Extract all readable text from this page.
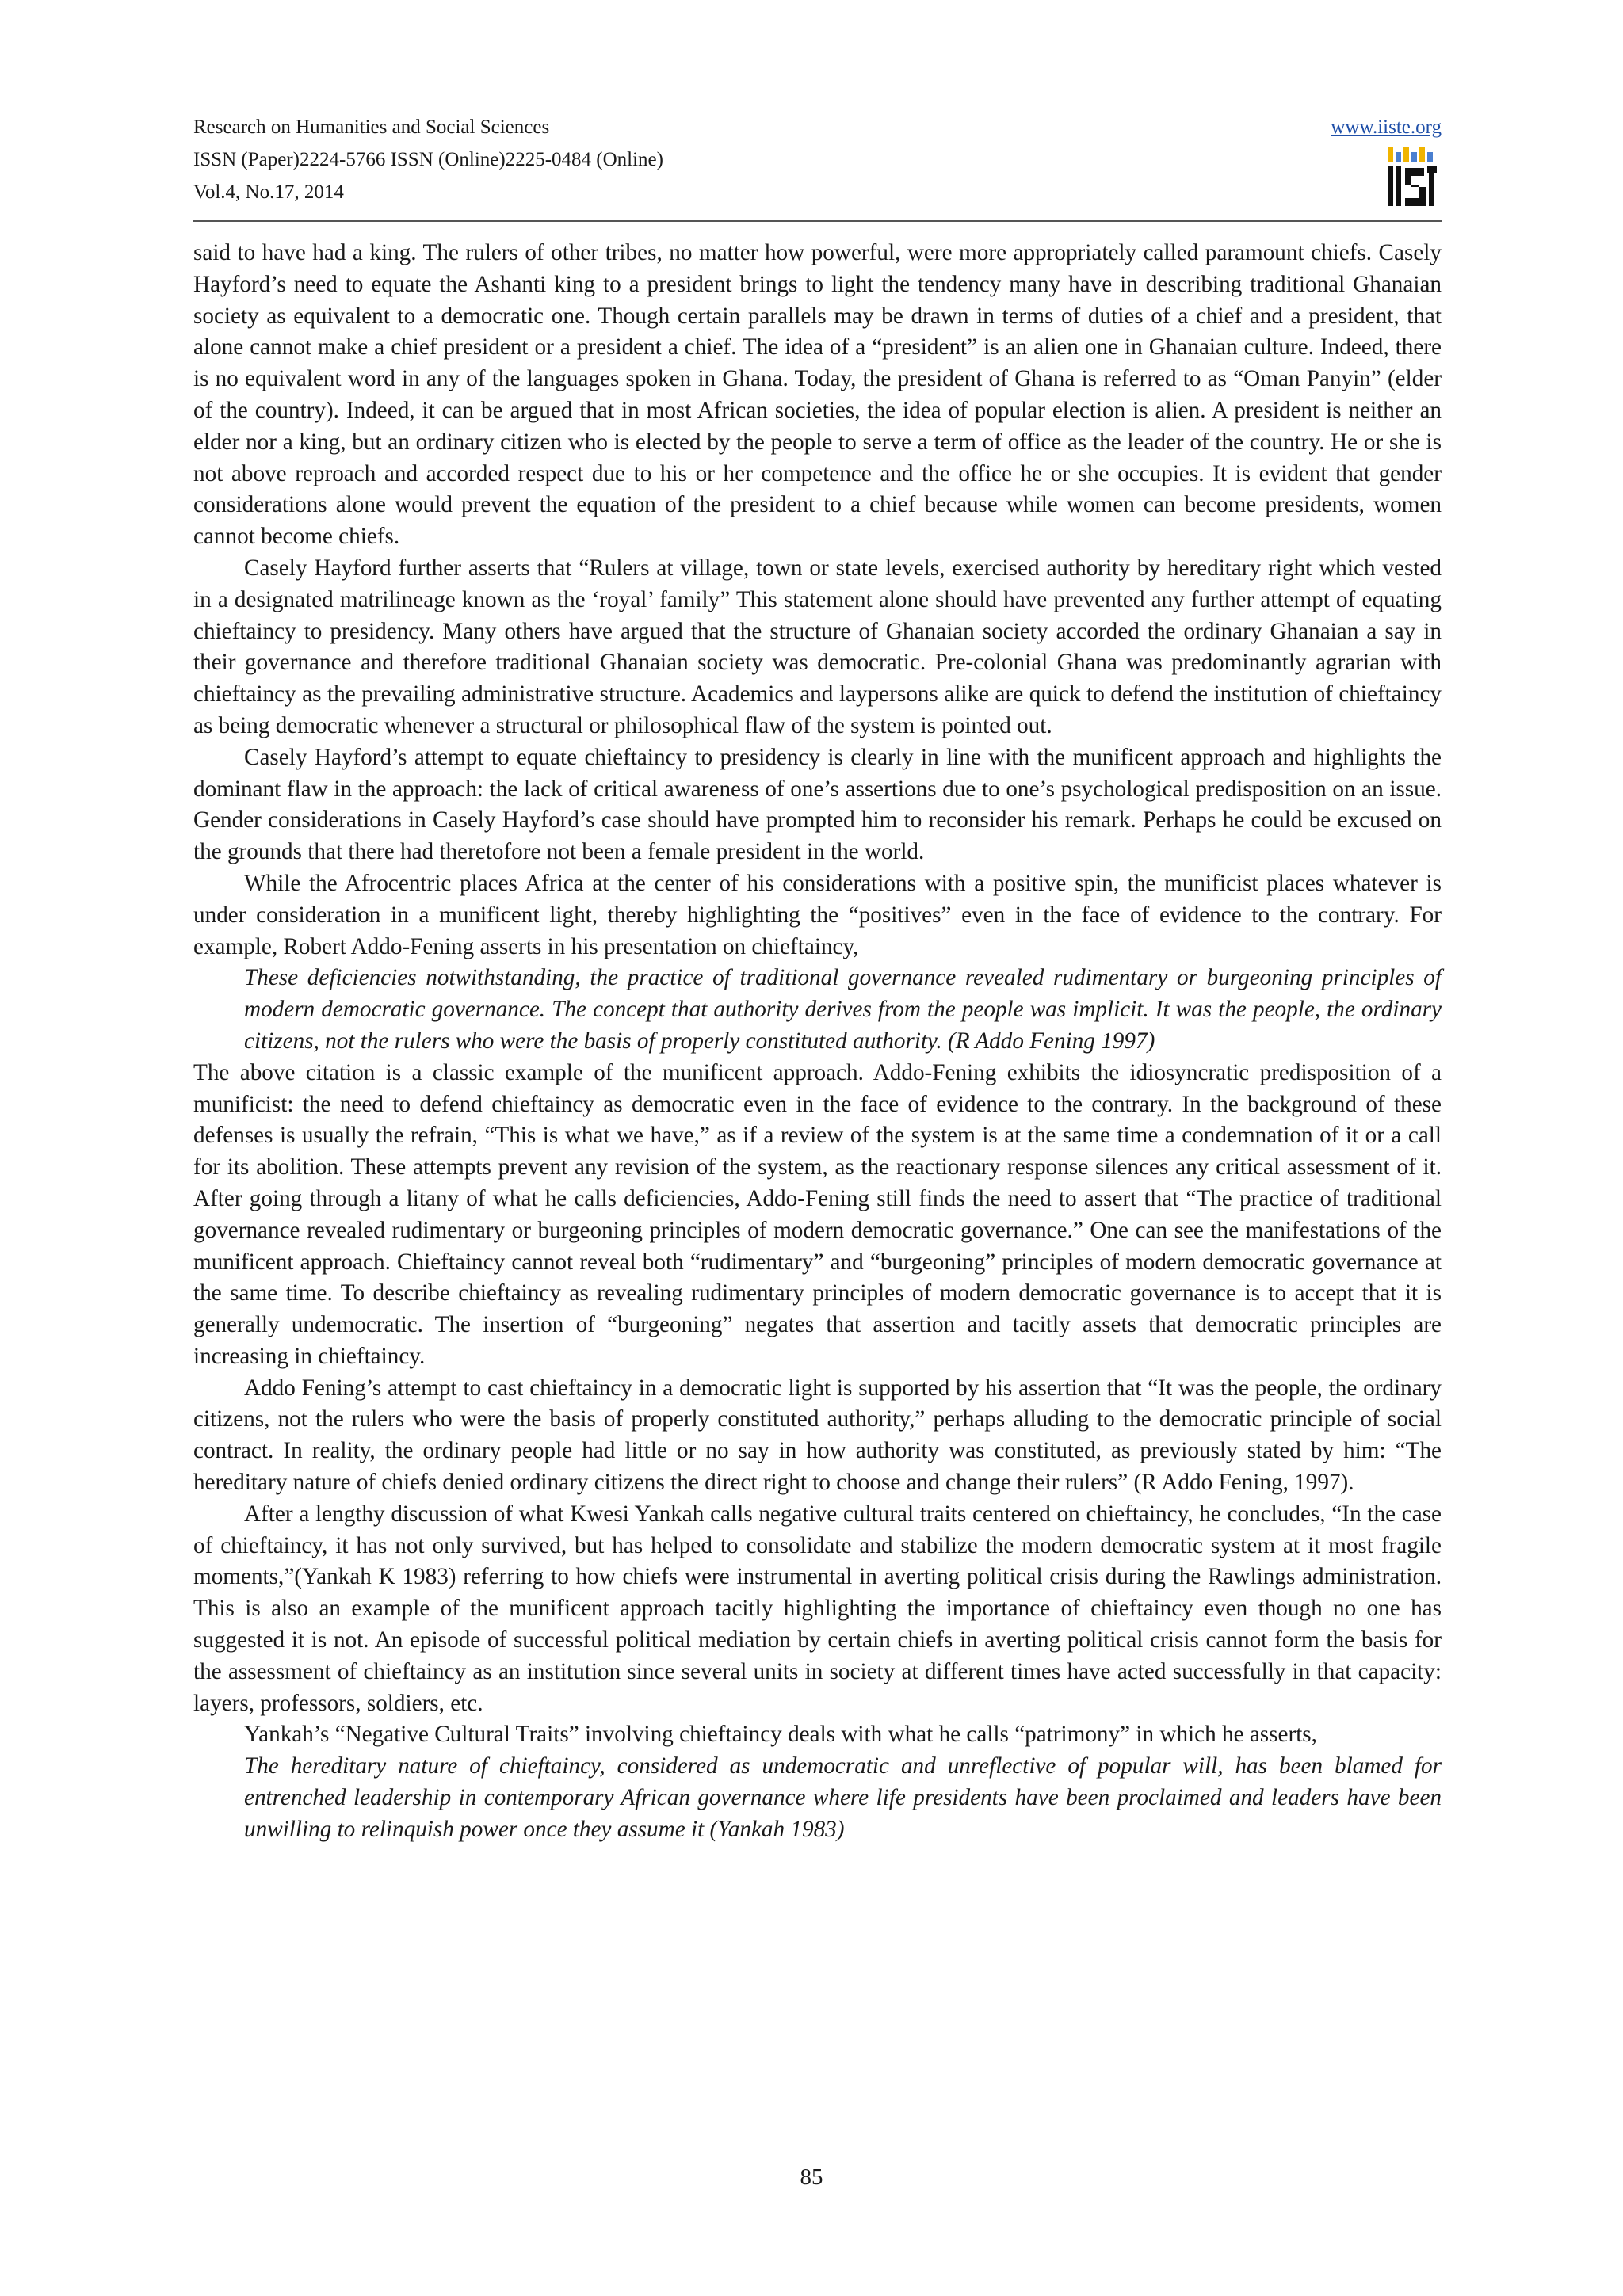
Research on Humanities and Social Sciences
ISSN (Paper)2224-5766 ISSN (Online)2225-0484 (Online)
Vol.4, No.17, 2014
www.iiste.org

said to have had a king. The rulers of other tribes, no matter how powerful, were more appropriately called paramount chiefs. Casely Hayford’s need to equate the Ashanti king to a president brings to light the tendency many have in describing traditional Ghanaian society as equivalent to a democratic one. Though certain parallels may be drawn in terms of duties of a chief and a president, that alone cannot make a chief president or a president a chief. The idea of a “president” is an alien one in Ghanaian culture. Indeed, there is no equivalent word in any of the languages spoken in Ghana. Today, the president of Ghana is referred to as “Oman Panyin” (elder of the country). Indeed, it can be argued that in most African societies, the idea of popular election is alien. A president is neither an elder nor a king, but an ordinary citizen who is elected by the people to serve a term of office as the leader of the country. He or she is not above reproach and accorded respect due to his or her competence and the office he or she occupies. It is evident that gender considerations alone would prevent the equation of the president to a chief because while women can become presidents, women cannot become chiefs.

Casely Hayford further asserts that “Rulers at village, town or state levels, exercised authority by hereditary right which vested in a designated matrilineage known as the ‘royal’ family” This statement alone should have prevented any further attempt of equating chieftaincy to presidency. Many others have argued that the structure of Ghanaian society accorded the ordinary Ghanaian a say in their governance and therefore traditional Ghanaian society was democratic. Pre-colonial Ghana was predominantly agrarian with chieftaincy as the prevailing administrative structure. Academics and laypersons alike are quick to defend the institution of chieftaincy as being democratic whenever a structural or philosophical flaw of the system is pointed out.

Casely Hayford’s attempt to equate chieftaincy to presidency is clearly in line with the munificent approach and highlights the dominant flaw in the approach: the lack of critical awareness of one’s assertions due to one’s psychological predisposition on an issue. Gender considerations in Casely Hayford’s case should have prompted him to reconsider his remark. Perhaps he could be excused on the grounds that there had theretofore not been a female president in the world.

While the Afrocentric places Africa at the center of his considerations with a positive spin, the munificist places whatever is under consideration in a munificent light, thereby highlighting the “positives” even in the face of evidence to the contrary. For example, Robert Addo-Fening asserts in his presentation on chieftaincy,

These deficiencies notwithstanding, the practice of traditional governance revealed rudimentary or burgeoning principles of modern democratic governance. The concept that authority derives from the people was implicit. It was the people, the ordinary citizens, not the rulers who were the basis of properly constituted authority. (R Addo Fening 1997)

The above citation is a classic example of the munificent approach. Addo-Fening exhibits the idiosyncratic predisposition of a munificist: the need to defend chieftaincy as democratic even in the face of evidence to the contrary. In the background of these defenses is usually the refrain, “This is what we have,” as if a review of the system is at the same time a condemnation of it or a call for its abolition. These attempts prevent any revision of the system, as the reactionary response silences any critical assessment of it. After going through a litany of what he calls deficiencies, Addo-Fening still finds the need to assert that “The practice of traditional governance revealed rudimentary or burgeoning principles of modern democratic governance.” One can see the manifestations of the munificent approach. Chieftaincy cannot reveal both “rudimentary” and “burgeoning” principles of modern democratic governance at the same time. To describe chieftaincy as revealing rudimentary principles of modern democratic governance is to accept that it is generally undemocratic. The insertion of “burgeoning” negates that assertion and tacitly assets that democratic principles are increasing in chieftaincy.

Addo Fening’s attempt to cast chieftaincy in a democratic light is supported by his assertion that “It was the people, the ordinary citizens, not the rulers who were the basis of properly constituted authority,” perhaps alluding to the democratic principle of social contract. In reality, the ordinary people had little or no say in how authority was constituted, as previously stated by him: “The hereditary nature of chiefs denied ordinary citizens the direct right to choose and change their rulers” (R Addo Fening, 1997).

After a lengthy discussion of what Kwesi Yankah calls negative cultural traits centered on chieftaincy, he concludes, “In the case of chieftaincy, it has not only survived, but has helped to consolidate and stabilize the modern democratic system at it most fragile moments,”(Yankah K 1983) referring to how chiefs were instrumental in averting political crisis during the Rawlings administration. This is also an example of the munificent approach tacitly highlighting the importance of chieftaincy even though no one has suggested it is not. An episode of successful political mediation by certain chiefs in averting political crisis cannot form the basis for the assessment of chieftaincy as an institution since several units in society at different times have acted successfully in that capacity: layers, professors, soldiers, etc.

Yankah’s “Negative Cultural Traits” involving chieftaincy deals with what he calls “patrimony” in which he asserts,

The hereditary nature of chieftaincy, considered as undemocratic and unreflective of popular will, has been blamed for entrenched leadership in contemporary African governance where life presidents have been proclaimed and leaders have been unwilling to relinquish power once they assume it (Yankah 1983)

85
